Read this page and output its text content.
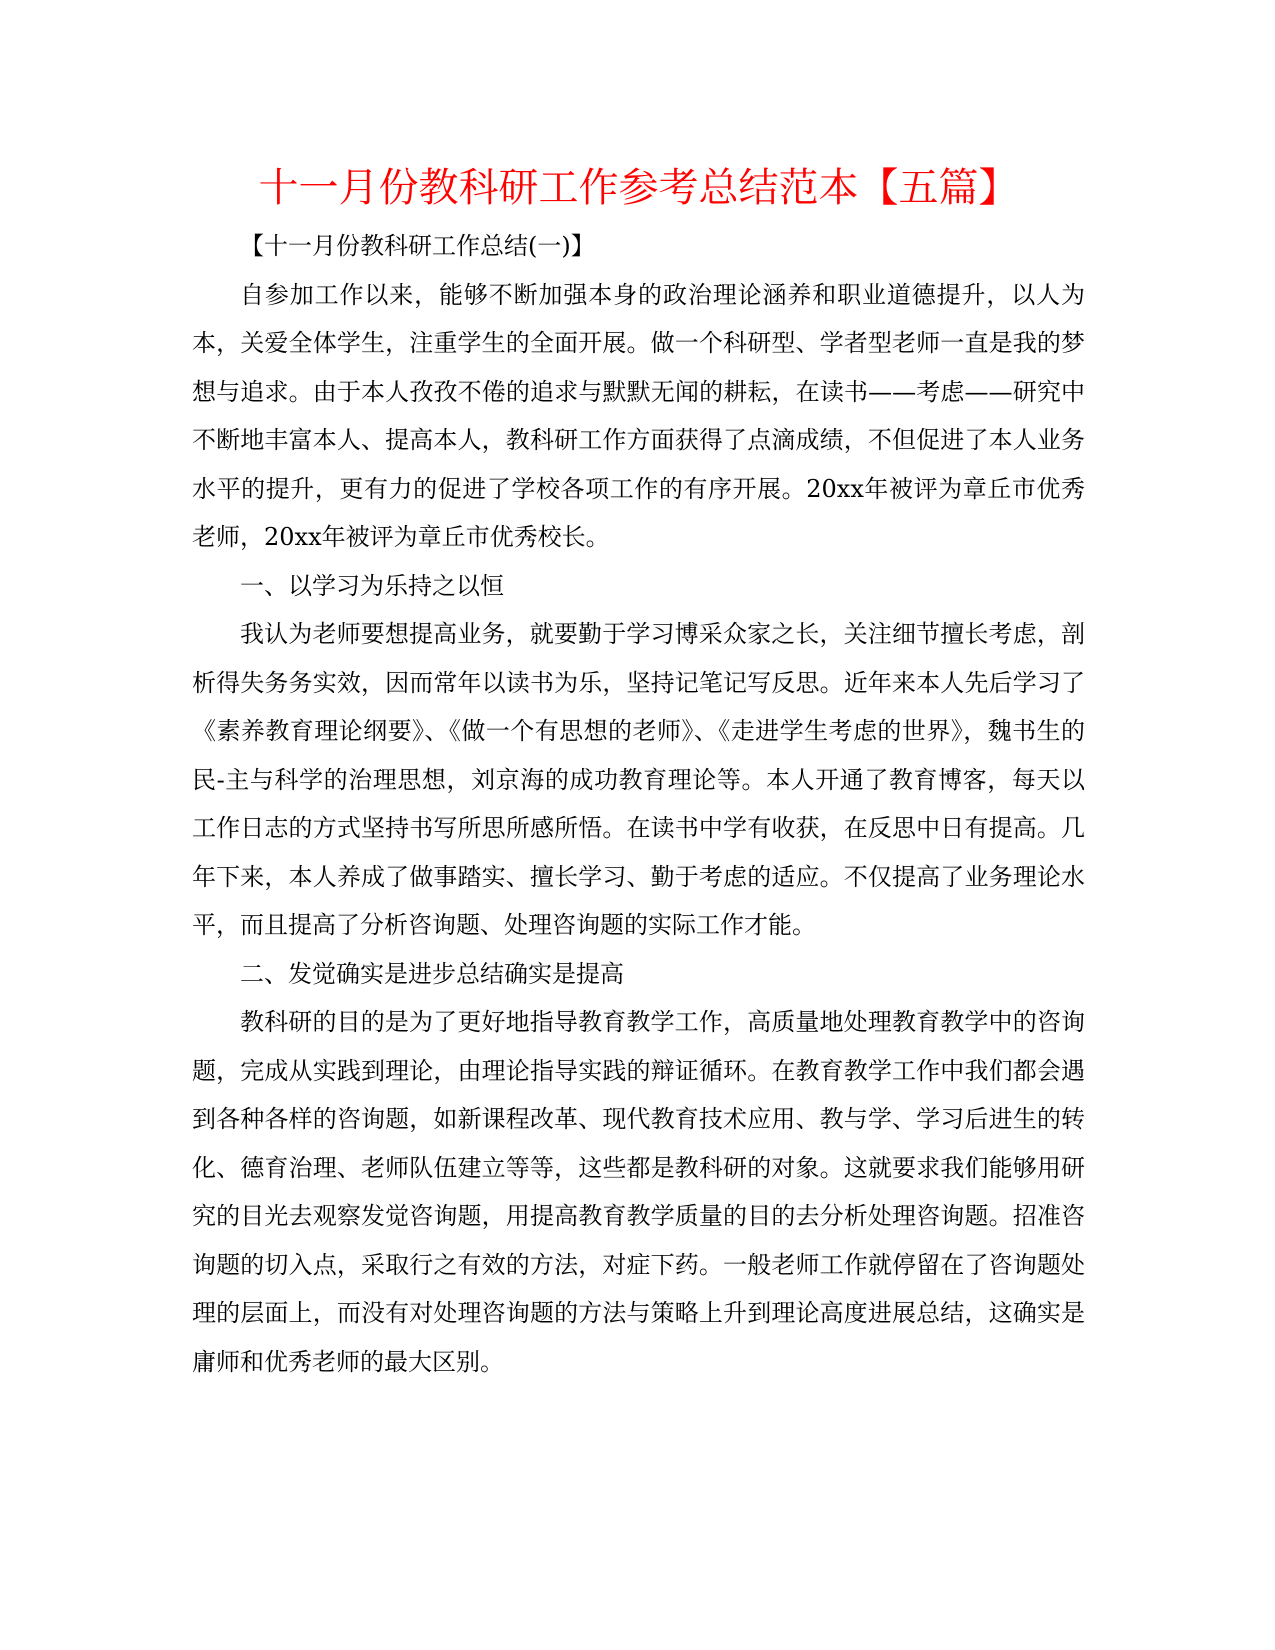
十一月份教科研工作参考总结范本【五篇】

【十一月份教科研工作总结(一)】

自参加工作以来，能够不断加强本身的政治理论涵养和职业道德提升，以人为本，关爱全体学生，注重学生的全面开展。做一个科研型、学者型老师一直是我的梦想与追求。由于本人孜孜不倦的追求与默默无闻的耕耘，在读书——考虑——研究中不断地丰富本人、提高本人，教科研工作方面获得了点滴成绩，不但促进了本人业务水平的提升，更有力的促进了学校各项工作的有序开展。20xx年被评为章丘市优秀老师，20xx年被评为章丘市优秀校长。

一、以学习为乐持之以恒

我认为老师要想提高业务，就要勤于学习博采众家之长，关注细节擅长考虑，剖析得失务务实效，因而常年以读书为乐，坚持记笔记写反思。近年来本人先后学习了《素养教育理论纲要》、《做一个有思想的老师》、《走进学生考虑的世界》，魏书生的民-主与科学的治理思想，刘京海的成功教育理论等。本人开通了教育博客，每天以工作日志的方式坚持书写所思所感所悟。在读书中学有收获，在反思中日有提高。几年下来，本人养成了做事踏实、擅长学习、勤于考虑的适应。不仅提高了业务理论水平，而且提高了分析咨询题、处理咨询题的实际工作才能。

二、发觉确实是进步总结确实是提高

教科研的目的是为了更好地指导教育教学工作，高质量地处理教育教学中的咨询题，完成从实践到理论，由理论指导实践的辩证循环。在教育教学工作中我们都会遇到各种各样的咨询题，如新课程改革、现代教育技术应用、教与学、学习后进生的转化、德育治理、老师队伍建立等等，这些都是教科研的对象。这就要求我们能够用研究的目光去观察发觉咨询题，用提高教育教学质量的目的去分析处理咨询题。招准咨询题的切入点，采取行之有效的方法，对症下药。一般老师工作就停留在了咨询题处理的层面上，而没有对处理咨询题的方法与策略上升到理论高度进展总结，这确实是庸师和优秀老师的最大区别。
